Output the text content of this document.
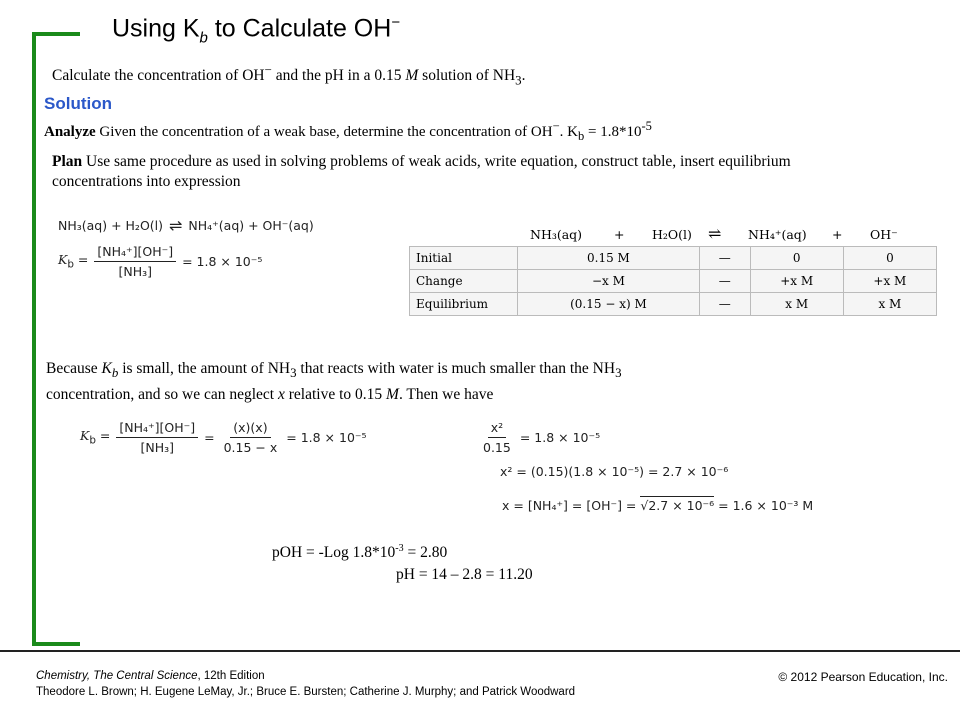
Using $K_b$ to Calculate OH−
Calculate the concentration of OH− and the pH in a 0.15 M solution of $NH_3$.
Solution
Analyze Given the concentration of a weak base, determine the concentration of OH−. $K_b = 1.8*10^{-5}$
Plan Use same procedure as used in solving problems of weak acids, write equation, construct table, insert equilibrium concentrations into expression
NH₃(aq) + H₂O(l) ⇌ NH₄⁺(aq) + OH⁻(aq)
$K_b = \frac{\text{[NH₄⁺][OH⁻]}}{\text{[NH₃]}} = 1.8 \times 10^{-5}$
NH₃(aq)	+ H₂O(l) ⇌ NH₄⁺(aq) + OH⁻
Initial	0.15 M	—	0	0
Change	−x M	—	+x M	+x M
Equilibrium	(0.15 − x) M	—	x M	x M
Because $K_b$ is small, the amount of $NH_3$ that reacts with water is much smaller than the $NH_3$ concentration, and so we can neglect x relative to 0.15 M. Then we have
$K_b = \frac{\text{[NH₄⁺][OH⁻]}}{\text{[NH₃]}} = \frac{(x)(x)}{0.15 - x} = 1.8 \times 10^{-5}$	$\frac{\text{x²}}{0.15} = 1.8 \times 10^{-5}$
x² = (0.15)(1.8 × 10⁻⁵) = 2.7 × 10⁻⁶
x = [NH₄⁺] = [OH⁻] = √2.7 × 10⁻⁶ = 1.6 × 10⁻³ M
pOH = -Log $1.8*10^{-3} = 2.80$
pH = 14 – 2.8 = 11.20
Chemistry, The Central Science, 12th Edition
Theodore L. Brown; H. Eugene LeMay, Jr.; Bruce E. Bursten; Catherine J. Murphy; and Patrick Woodward
© 2012 Pearson Education, Inc.
